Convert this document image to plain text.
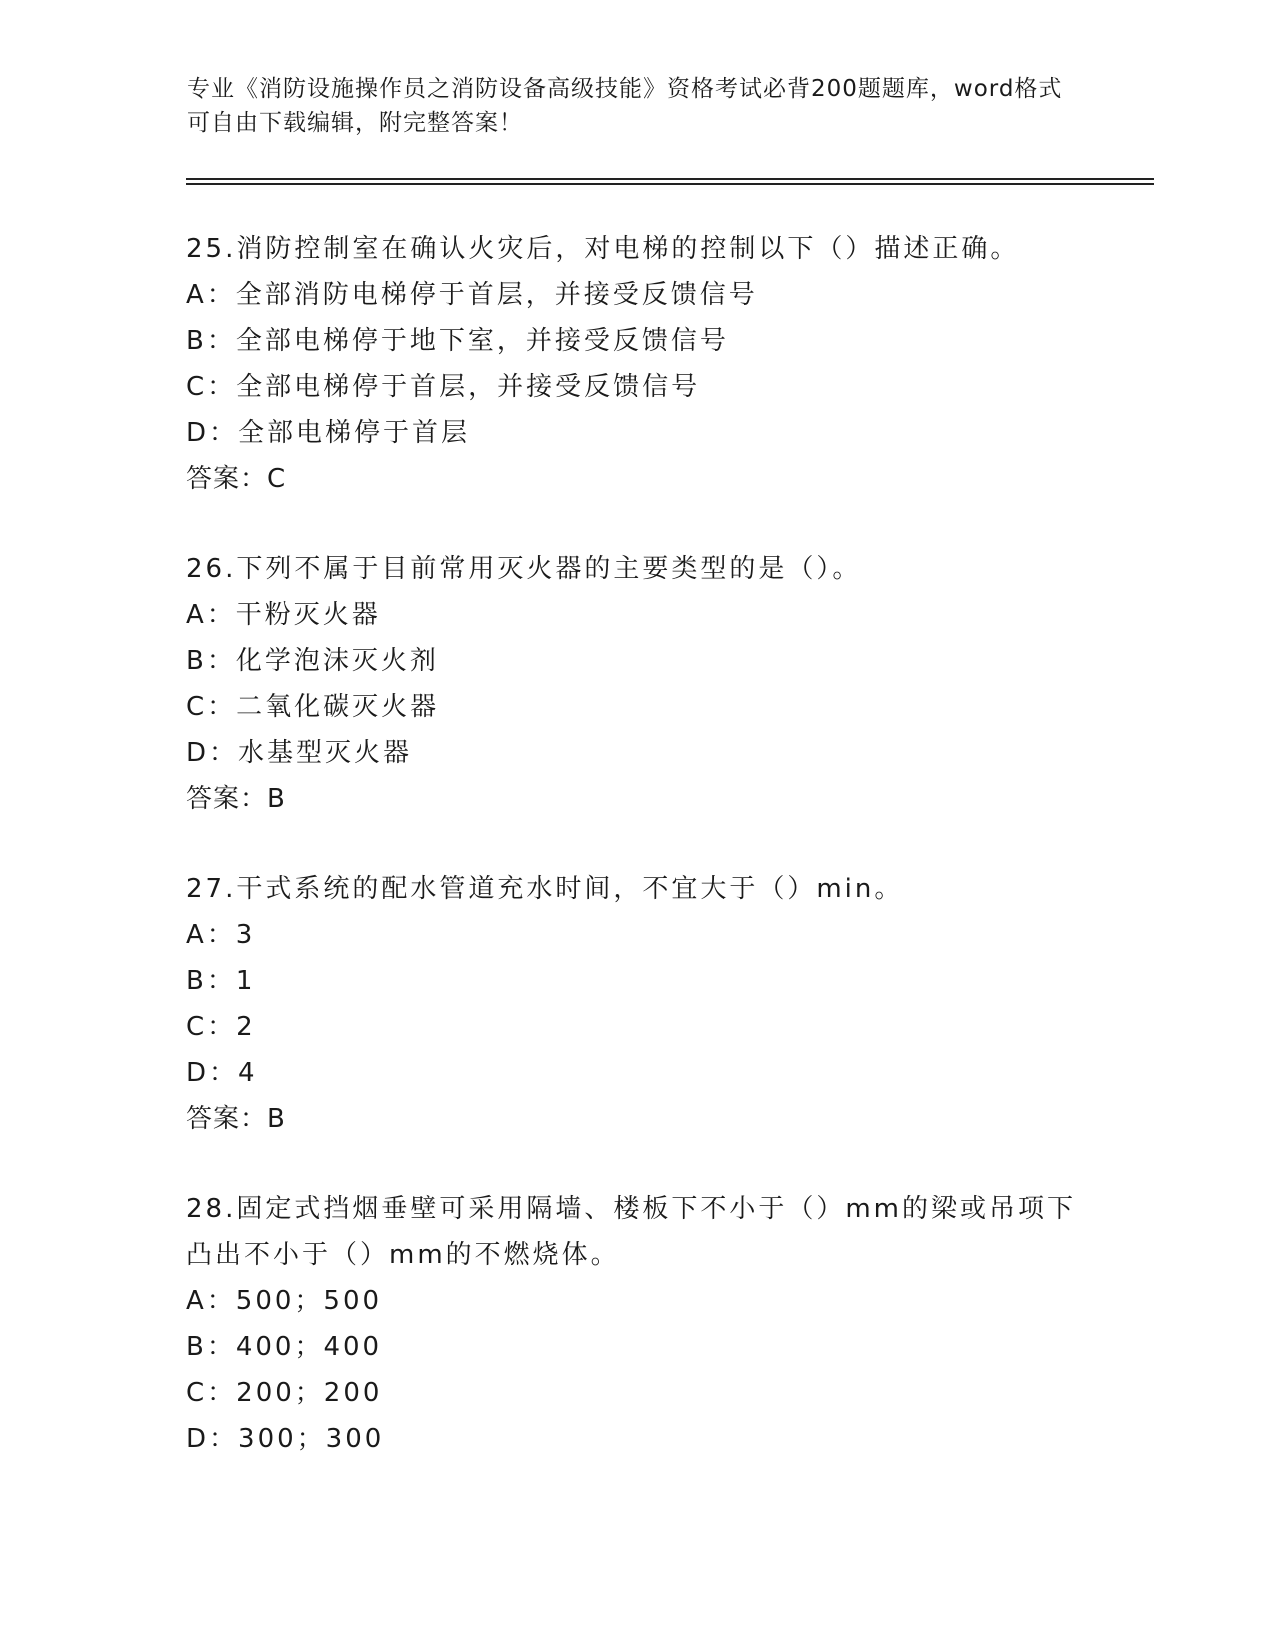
专业《消防设施操作员之消防设备高级技能》资格考试必背200题题库，word格式可自由下载编辑，附完整答案！
25.消防控制室在确认火灾后，对电梯的控制以下（）描述正确。
A：全部消防电梯停于首层，并接受反馈信号
B：全部电梯停于地下室，并接受反馈信号
C：全部电梯停于首层，并接受反馈信号
D：全部电梯停于首层
答案：C
26.下列不属于目前常用灭火器的主要类型的是（）。
A：干粉灭火器
B：化学泡沫灭火剂
C：二氧化碳灭火器
D：水基型灭火器
答案：B
27.干式系统的配水管道充水时间，不宜大于（）min。
A：3
B：1
C：2
D：4
答案：B
28.固定式挡烟垂壁可采用隔墙、楼板下不小于（）mm的梁或吊项下凸出不小于（）mm的不燃烧体。
A：500；500
B：400；400
C：200；200
D：300；300
